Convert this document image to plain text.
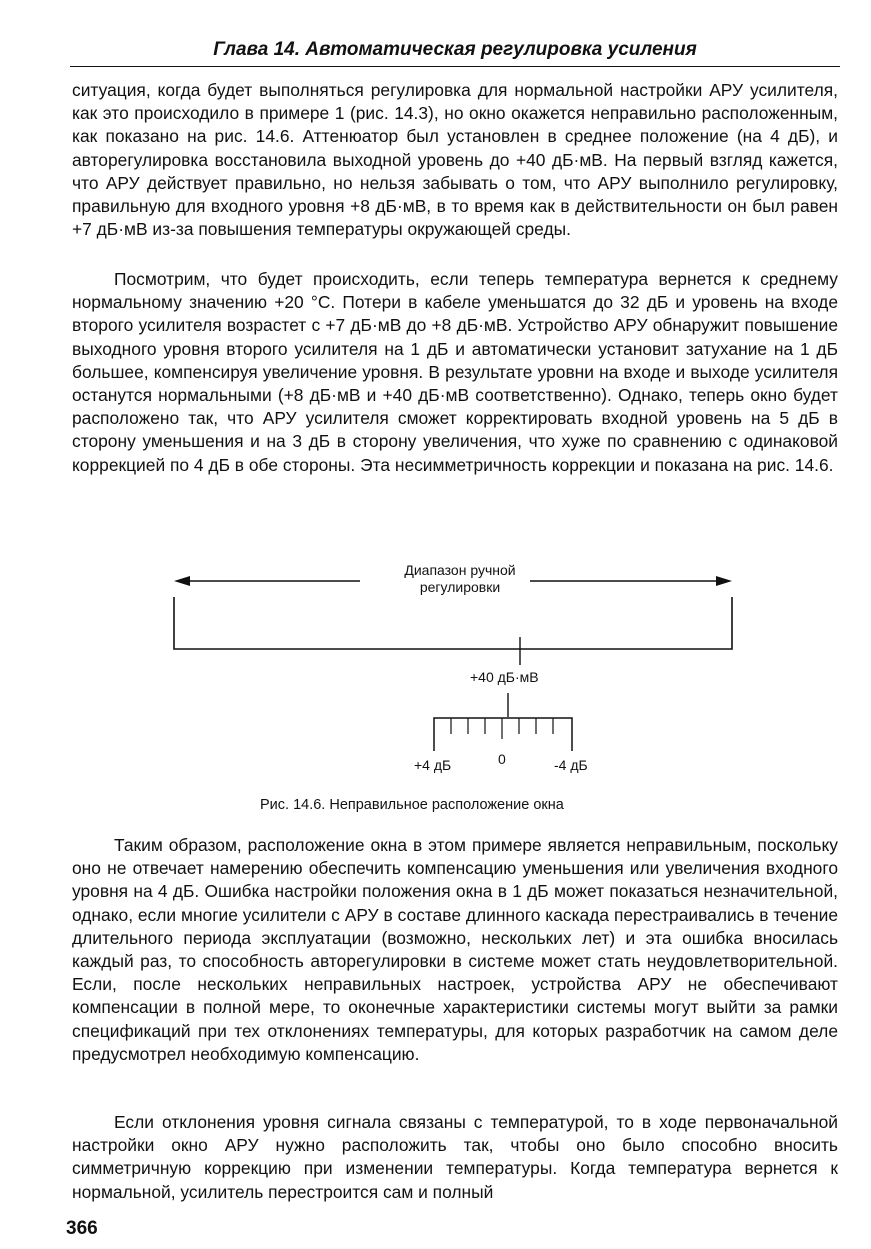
Глава 14. Автоматическая регулировка усиления

ситуация, когда будет выполняться регулировка для нормальной настройки АРУ усилителя, как это происходило в примере 1 (рис. 14.3), но окно окажется неправильно расположенным, как показано на рис. 14.6. Аттенюатор был установлен в среднее положение (на 4 дБ), и авторегулировка восстановила выходной уровень до +40 дБ·мВ. На первый взгляд кажется, что АРУ действует правильно, но нельзя забывать о том, что АРУ выполнило регулировку, правильную для входного уровня +8 дБ·мВ, в то время как в действительности он был равен +7 дБ·мВ из-за повышения температуры окружающей среды.

Посмотрим, что будет происходить, если теперь температура вернется к среднему нормальному значению +20 °С. Потери в кабеле уменьшатся до 32 дБ и уровень на входе второго усилителя возрастет с +7 дБ·мВ до +8 дБ·мВ. Устройство АРУ обнаружит повышение выходного уровня второго усилителя на 1 дБ и автоматически установит затухание на 1 дБ большее, компенсируя увеличение уровня. В результате уровни на входе и выходе усилителя останутся нормальными (+8 дБ·мВ и +40 дБ·мВ соответственно). Однако, теперь окно будет расположено так, что АРУ усилителя сможет корректировать входной уровень на 5 дБ в сторону уменьшения и на 3 дБ в сторону увеличения, что хуже по сравнению с одинаковой коррекцией по 4 дБ в обе стороны. Эта несимметричность коррекции и показана на рис. 14.6.

Диапазон ручной регулировки
+40 дБ·мВ
+4 дБ	0	-4 дБ
Рис. 14.6. Неправильное расположение окна

Таким образом, расположение окна в этом примере является неправильным, поскольку оно не отвечает намерению обеспечить компенсацию уменьшения или увеличения входного уровня на 4 дБ. Ошибка настройки положения окна в 1 дБ может показаться незначительной, однако, если многие усилители с АРУ в составе длинного каскада перестраивались в течение длительного периода эксплуатации (возможно, нескольких лет) и эта ошибка вносилась каждый раз, то способность авторегулировки в системе может стать неудовлетворительной. Если, после нескольких неправильных настроек, устройства АРУ не обеспечивают компенсации в полной мере, то оконечные характеристики системы могут выйти за рамки спецификаций при тех отклонениях температуры, для которых разработчик на самом деле предусмотрел необходимую компенсацию.

Если отклонения уровня сигнала связаны с температурой, то в ходе первоначальной настройки окно АРУ нужно расположить так, чтобы оно было способно вносить симметричную коррекцию при изменении температуры. Когда температура вернется к нормальной, усилитель перестроится сам и полный

366
